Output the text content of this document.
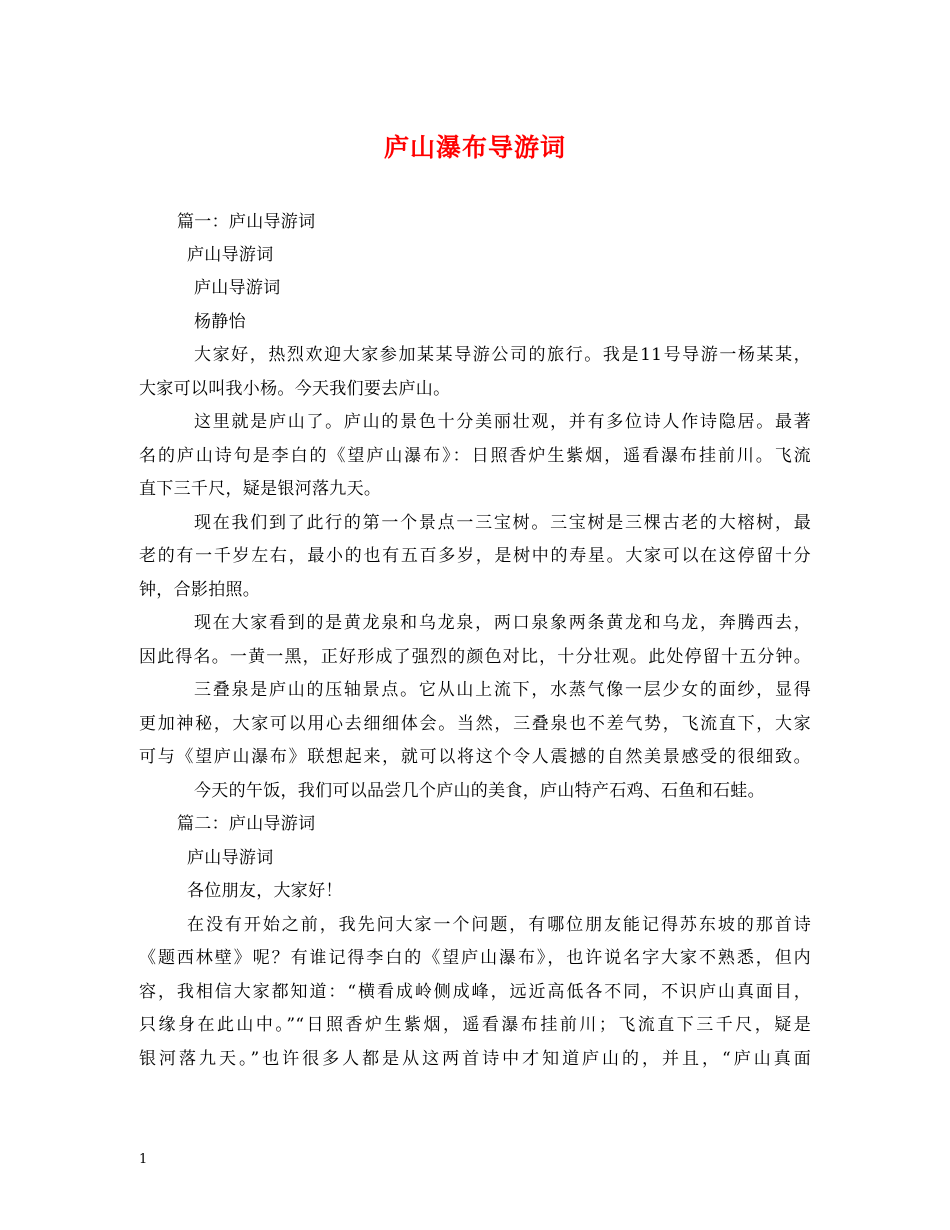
庐山瀑布导游词
篇一：庐山导游词
庐山导游词
庐山导游词
杨静怡
大家好，热烈欢迎大家参加某某导游公司的旅行。我是11号导游一杨某某，
大家可以叫我小杨。今天我们要去庐山。
这里就是庐山了。庐山的景色十分美丽壮观，并有多位诗人作诗隐居。最著
名的庐山诗句是李白的《望庐山瀑布》：日照香炉生紫烟，遥看瀑布挂前川。飞流
直下三千尺，疑是银河落九天。
现在我们到了此行的第一个景点一三宝树。三宝树是三棵古老的大榕树，最
老的有一千岁左右，最小的也有五百多岁，是树中的寿星。大家可以在这停留十分
钟，合影拍照。
现在大家看到的是黄龙泉和乌龙泉，两口泉象两条黄龙和乌龙，奔腾西去，
因此得名。一黄一黑，正好形成了强烈的颜色对比，十分壮观。此处停留十五分钟。
三叠泉是庐山的压轴景点。它从山上流下，水蒸气像一层少女的面纱，显得
更加神秘，大家可以用心去细细体会。当然，三叠泉也不差气势，飞流直下，大家
可与《望庐山瀑布》联想起来，就可以将这个令人震撼的自然美景感受的很细致。
今天的午饭，我们可以品尝几个庐山的美食，庐山特产石鸡、石鱼和石蛙。
篇二：庐山导游词
庐山导游词
各位朋友，大家好！
在没有开始之前，我先问大家一个问题，有哪位朋友能记得苏东坡的那首诗
《题西林壁》呢？有谁记得李白的《望庐山瀑布》，也许说名字大家不熟悉，但内
容，我相信大家都知道：“横看成岭侧成峰，远近高低各不同，不识庐山真面目，
只缘身在此山中。”“日照香炉生紫烟，遥看瀑布挂前川；飞流直下三千尺，疑是
银河落九天。”也许很多人都是从这两首诗中才知道庐山的，并且，“庐山真面
1
